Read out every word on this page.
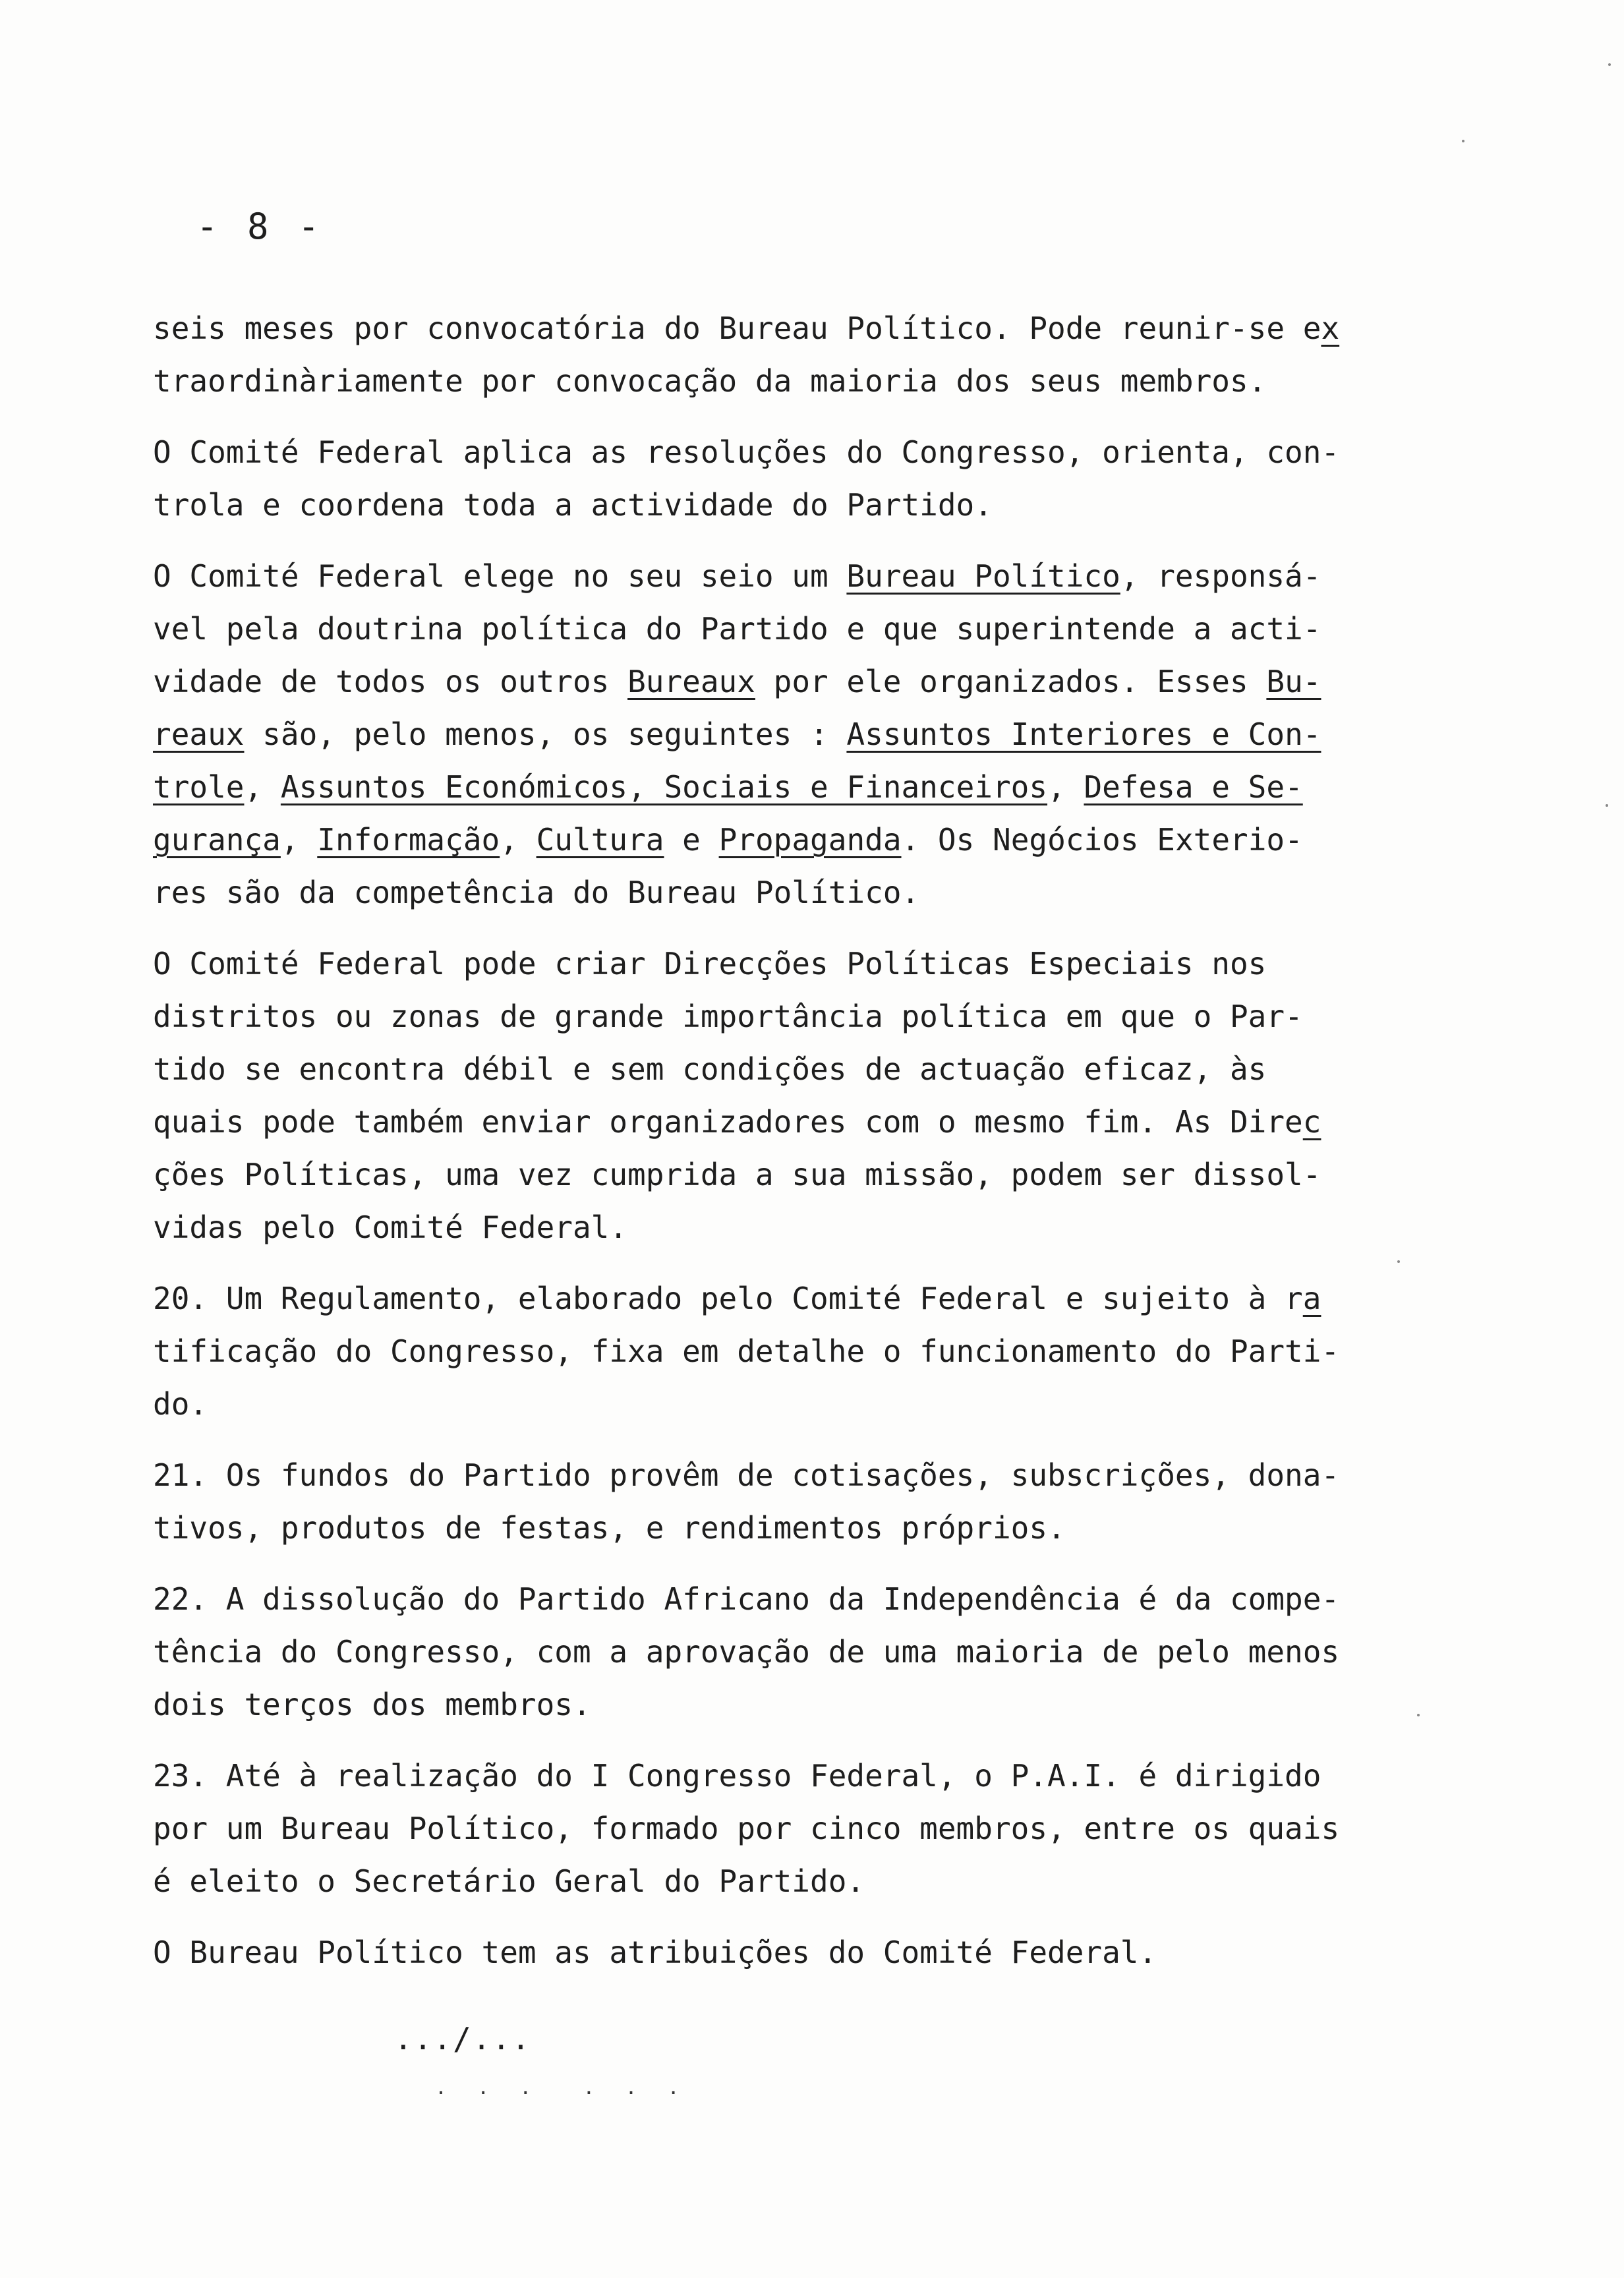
- 8 -
seis meses por convocatória do Bureau Político. Pode reunir-se ex
traordinàriamente por convocação da maioria dos seus membros.
O Comité Federal aplica as resoluções do Congresso, orienta, con-
trola e coordena toda a actividade do Partido.
O Comité Federal elege no seu seio um Bureau Político, responsá-
vel pela doutrina política do Partido e que superintende a acti-
vidade de todos os outros Bureaux por ele organizados. Esses Bu-
reaux são, pelo menos, os seguintes : Assuntos Interiores e Con-
trole, Assuntos Económicos, Sociais e Financeiros, Defesa e Se-
gurança, Informação, Cultura e Propaganda. Os Negócios Exterio-
res são da competência do Bureau Político.
O Comité Federal pode criar Direcções Políticas Especiais nos
distritos ou zonas de grande importância política em que o Par-
tido se encontra débil e sem condições de actuação eficaz, às
quais pode também enviar organizadores com o mesmo fim. As Direc
ções Políticas, uma vez cumprida a sua missão, podem ser dissol-
vidas pelo Comité Federal.
20. Um Regulamento, elaborado pelo Comité Federal e sujeito à ra
tificação do Congresso, fixa em detalhe o funcionamento do Parti-
do.
21. Os fundos do Partido provêm de cotisações, subscrições, dona-
tivos, produtos de festas, e rendimentos próprios.
22. A dissolução do Partido Africano da Independência é da compe-
tência do Congresso, com a aprovação de uma maioria de pelo menos
dois terços dos membros.
23. Até à realização do I Congresso Federal, o P.A.I. é dirigido
por um Bureau Político, formado por cinco membros, entre os quais
é eleito o Secretário Geral do Partido.
O Bureau Político tem as atribuições do Comité Federal.
.../...
. . .  . . .
